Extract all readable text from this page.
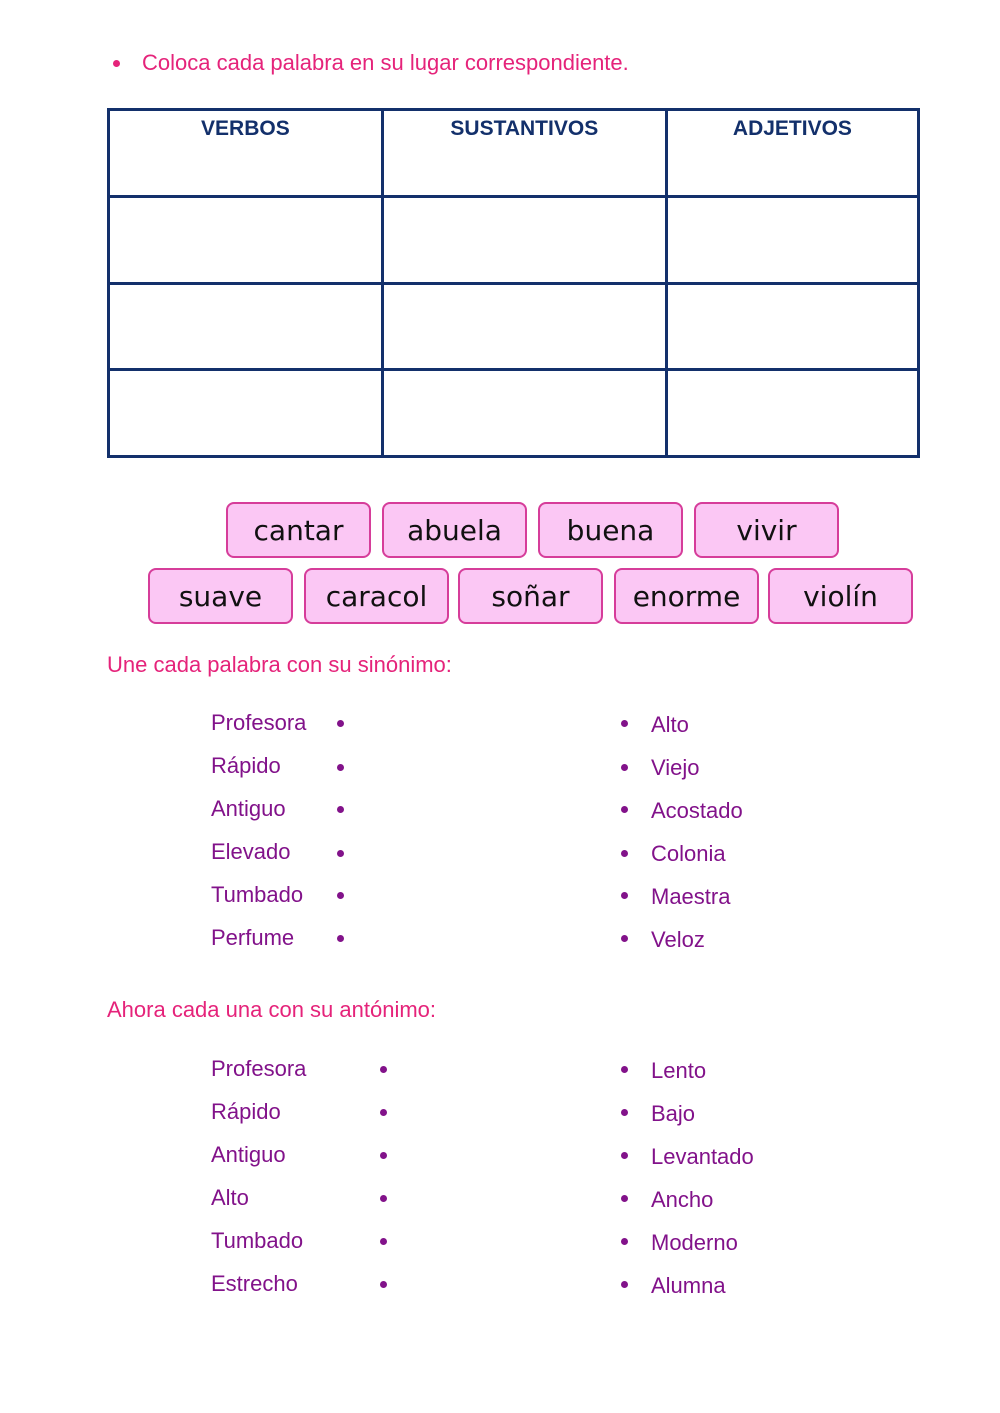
Coloca cada palabra en su lugar correspondiente.
VERBOS	SUSTANTIVOS	ADJETIVOS

cantar	abuela	buena	vivir
suave	caracol	soñar	enorme	violín
Une cada palabra con su sinónimo:
Profesora
Rápido
Antiguo
Elevado
Tumbado
Perfume
Alto
Viejo
Acostado
Colonia
Maestra
Veloz
Ahora cada una con su antónimo:
Profesora
Rápido
Antiguo
Alto
Tumbado
Estrecho
Lento
Bajo
Levantado
Ancho
Moderno
Alumna
